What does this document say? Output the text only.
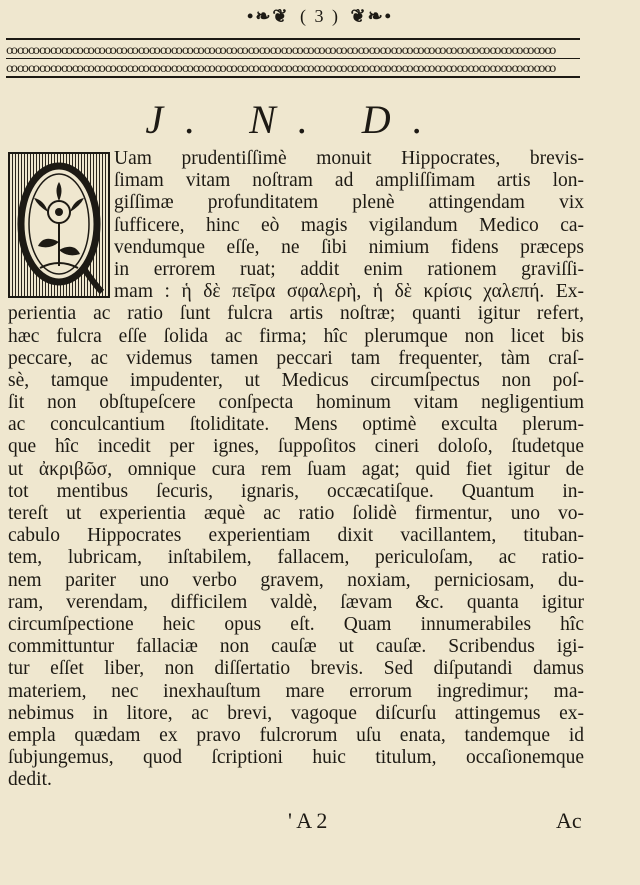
•❧❦ ( 3 ) ❦❧•
ꝏꝏꝏꝏꝏꝏꝏꝏꝏꝏꝏꝏꝏꝏꝏꝏꝏꝏꝏꝏꝏꝏꝏꝏꝏꝏꝏꝏꝏꝏꝏꝏꝏꝏꝏꝏꝏꝏꝏꝏꝏꝏꝏꝏꝏꝏꝏꝏꝏꝏ
ꝏꝏꝏꝏꝏꝏꝏꝏꝏꝏꝏꝏꝏꝏꝏꝏꝏꝏꝏꝏꝏꝏꝏꝏꝏꝏꝏꝏꝏꝏꝏꝏꝏꝏꝏꝏꝏꝏꝏꝏꝏꝏꝏꝏꝏꝏꝏꝏꝏꝏ
J. N. D.
Uam prudentiſſimè monuit Hippocrates, brevis-
ſimam vitam noſtram ad ampliſſimam artis lon-
giſſimæ profunditatem plenè attingendam vix
ſufficere, hinc eò magis vigilandum Medico ca-
vendumque eſſe, ne ſibi nimium fidens præceps
in errorem ruat; addit enim rationem graviſſi-
mam : ἡ δὲ πεῖρα σφαλερὴ, ἡ δὲ κρίσις χαλεπή. Ex-
perientia ac ratio ſunt fulcra artis noſtræ; quanti igitur refert,
hæc fulcra eſſe ſolida ac firma; hîc plerumque non licet bis
peccare, ac videmus tamen peccari tam frequenter, tàm craſ-
sè, tamque impudenter, ut Medicus circumſpectus non poſ-
ſit non obſtupeſcere conſpecta hominum vitam negligentium
ac conculcantium ſtoliditate. Mens optimè exculta plerum-
que hîc incedit per ignes, ſuppoſitos cineri doloſo, ſtudetque
ut ἀκριβῶσ, omnique cura rem ſuam agat; quid fiet igitur de
tot mentibus ſecuris, ignaris, occæcatiſque. Quantum in-
tereſt ut experientia æquè ac ratio ſolidè firmentur, uno vo-
cabulo Hippocrates experientiam dixit vacillantem, tituban-
tem, lubricam, inſtabilem, fallacem, periculoſam, ac ratio-
nem pariter uno verbo gravem, noxiam, perniciosam, du-
ram, verendam, difficilem valdè, ſævam &c. quanta igitur
circumſpectione heic opus eſt. Quam innumerabiles hîc
committuntur fallaciæ non cauſæ ut cauſæ. Scribendus igi-
tur eſſet liber, non diſſertatio brevis. Sed diſputandi damus
materiem, nec inexhauſtum mare errorum ingredimur; ma-
nebimus in litore, ac brevi, vagoque diſcurſu attingemus ex-
empla quædam ex pravo fulcrorum uſu enata, tandemque id
ſubjungemus, quod ſcriptioni huic titulum, occaſionemque
dedit.
' A 2	Ac
